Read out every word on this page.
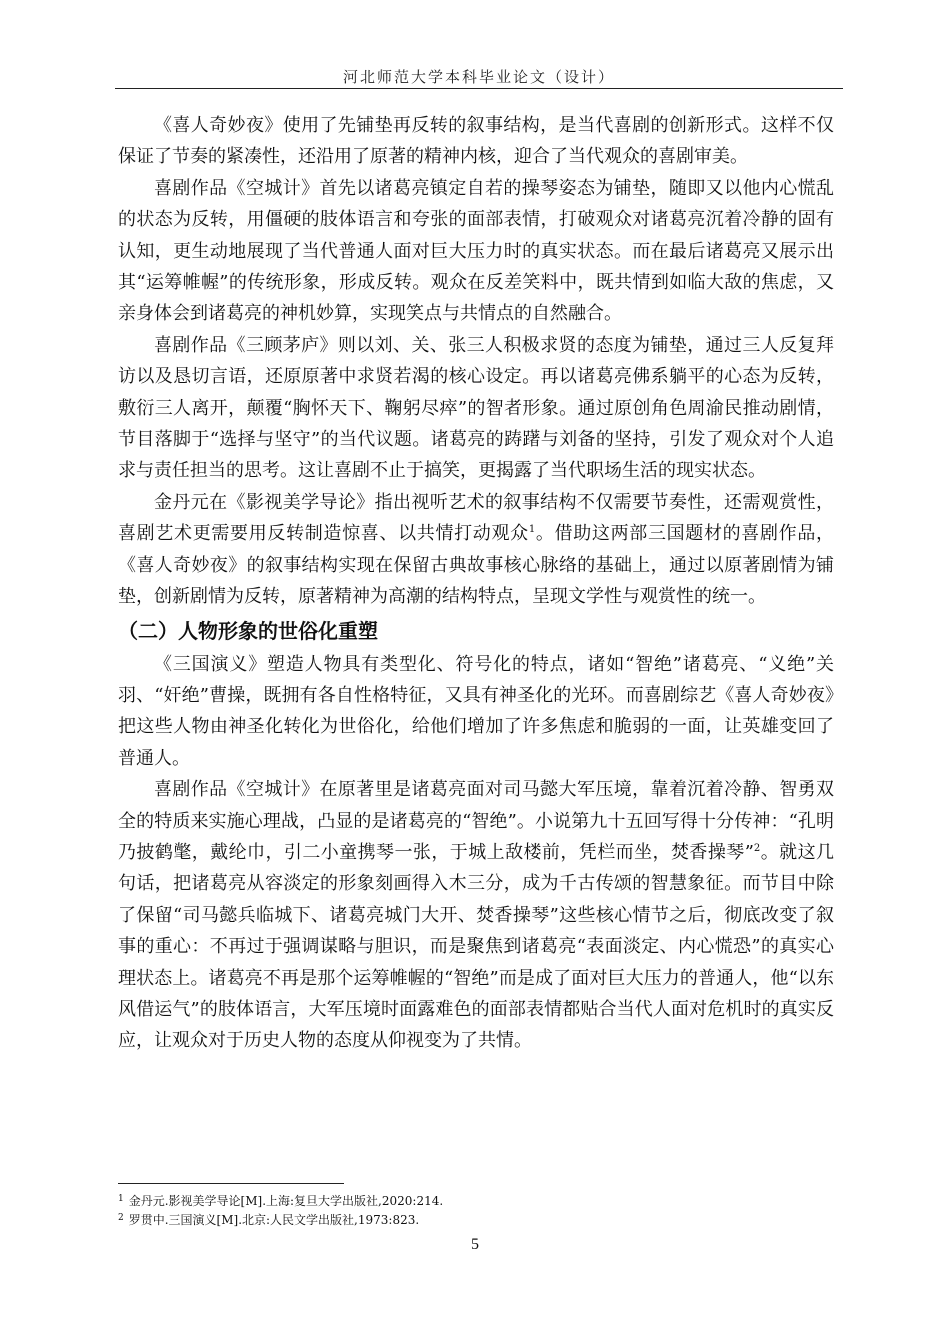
河北师范大学本科毕业论文（设计）

《喜人奇妙夜》使用了先铺垫再反转的叙事结构，是当代喜剧的创新形式。这样不仅保证了节奏的紧凑性，还沿用了原著的精神内核，迎合了当代观众的喜剧审美。

喜剧作品《空城计》首先以诸葛亮镇定自若的操琴姿态为铺垫，随即又以他内心慌乱的状态为反转，用僵硬的肢体语言和夸张的面部表情，打破观众对诸葛亮沉着冷静的固有认知，更生动地展现了当代普通人面对巨大压力时的真实状态。而在最后诸葛亮又展示出其“运筹帷幄”的传统形象，形成反转。观众在反差笑料中，既共情到如临大敌的焦虑，又亲身体会到诸葛亮的神机妙算，实现笑点与共情点的自然融合。

喜剧作品《三顾茅庐》则以刘、关、张三人积极求贤的态度为铺垫，通过三人反复拜访以及恳切言语，还原原著中求贤若渴的核心设定。再以诸葛亮佛系躺平的心态为反转，敷衍三人离开，颠覆“胸怀天下、鞠躬尽瘁”的智者形象。通过原创角色周渝民推动剧情，节目落脚于“选择与坚守”的当代议题。诸葛亮的踌躇与刘备的坚持，引发了观众对个人追求与责任担当的思考。这让喜剧不止于搞笑，更揭露了当代职场生活的现实状态。

金丹元在《影视美学导论》指出视听艺术的叙事结构不仅需要节奏性，还需观赏性，喜剧艺术更需要用反转制造惊喜、以共情打动观众$^1$。借助这两部三国题材的喜剧作品，《喜人奇妙夜》的叙事结构实现在保留古典故事核心脉络的基础上，通过以原著剧情为铺垫，创新剧情为反转，原著精神为高潮的结构特点，呈现文学性与观赏性的统一。

（二）人物形象的世俗化重塑

《三国演义》塑造人物具有类型化、符号化的特点，诸如“智绝”诸葛亮、“义绝”关羽、“奸绝”曹操，既拥有各自性格特征，又具有神圣化的光环。而喜剧综艺《喜人奇妙夜》把这些人物由神圣化转化为世俗化，给他们增加了许多焦虑和脆弱的一面，让英雄变回了普通人。

喜剧作品《空城计》在原著里是诸葛亮面对司马懿大军压境，靠着沉着冷静、智勇双全的特质来实施心理战，凸显的是诸葛亮的“智绝”。小说第九十五回写得十分传神：“孔明乃披鹤氅，戴纶巾，引二小童携琴一张，于城上敌楼前，凭栏而坐，焚香操琴”$^2$。就这几句话，把诸葛亮从容淡定的形象刻画得入木三分，成为千古传颂的智慧象征。而节目中除了保留“司马懿兵临城下、诸葛亮城门大开、焚香操琴”这些核心情节之后，彻底改变了叙事的重心：不再过于强调谋略与胆识，而是聚焦到诸葛亮“表面淡定、内心慌恐”的真实心理状态上。诸葛亮不再是那个运筹帷幄的“智绝”而是成了面对巨大压力的普通人，他“以东风借运气”的肢体语言，大军压境时面露难色的面部表情都贴合当代人面对危机时的真实反应，让观众对于历史人物的态度从仰视变为了共情。

$^1$ 金丹元.影视美学导论[M].上海:复旦大学出版社,2020:214.
$^2$ 罗贯中.三国演义[M].北京:人民文学出版社,1973:823.
5
